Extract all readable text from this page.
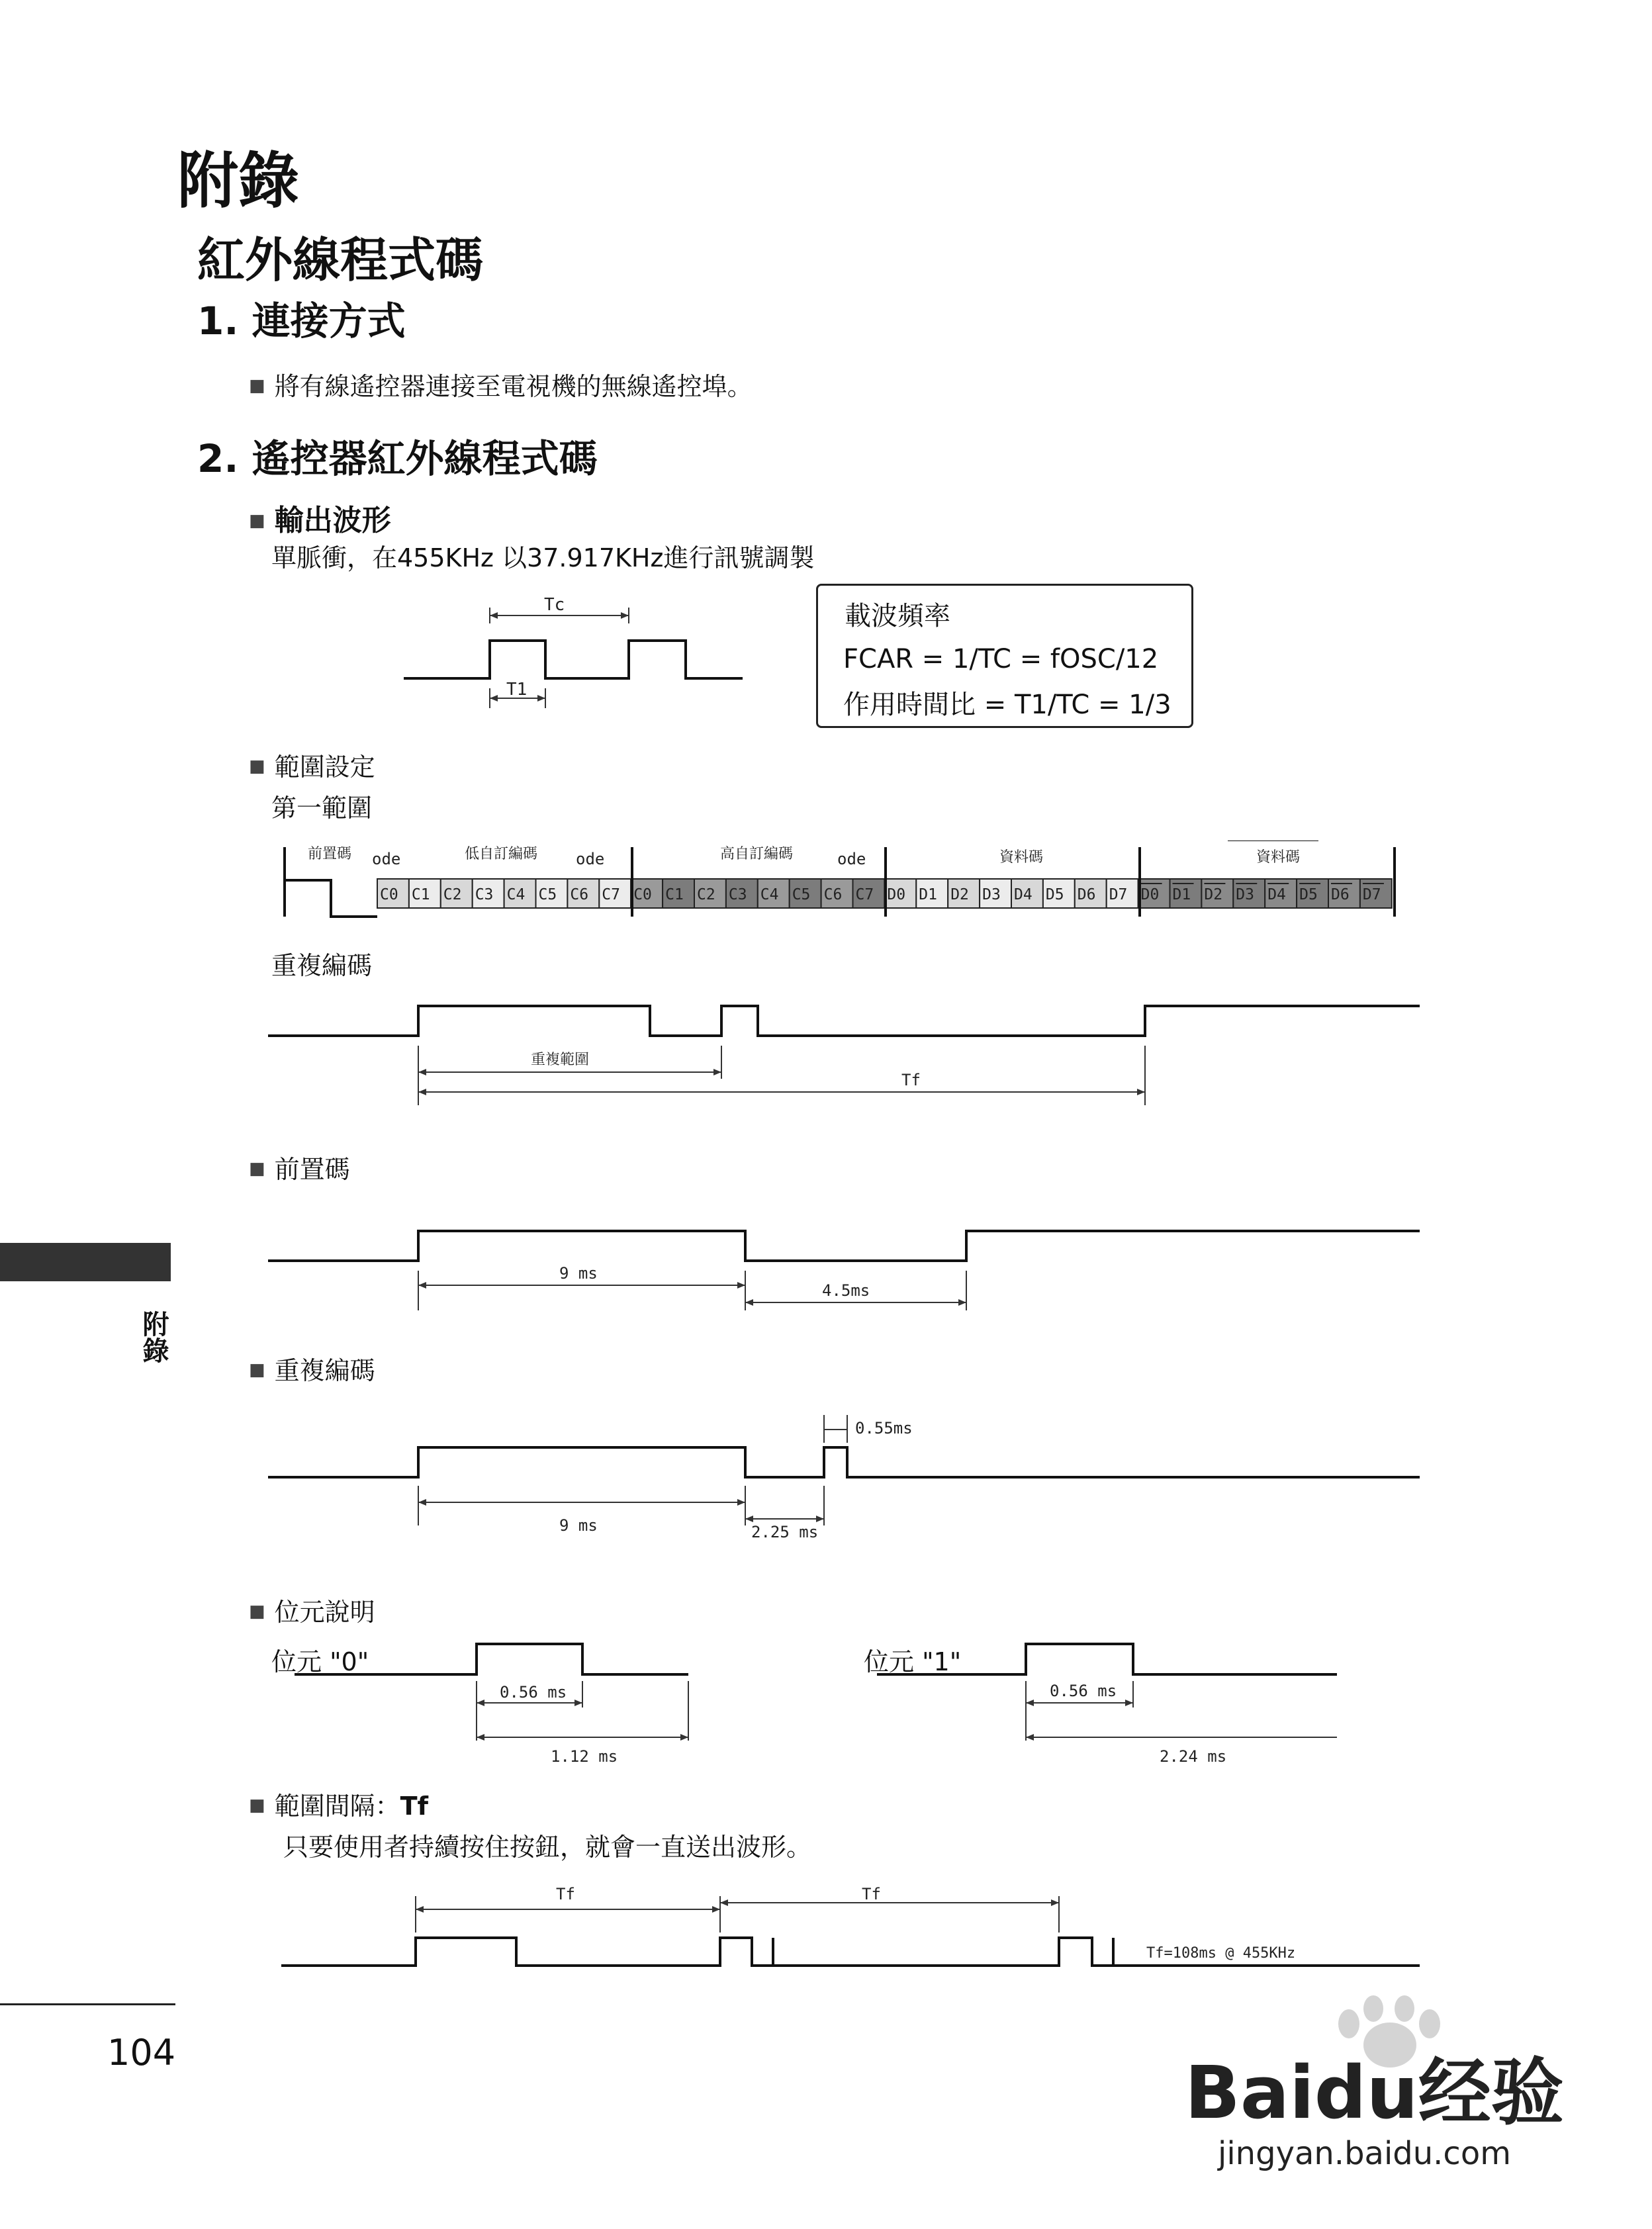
附錄
紅外線程式碼
1. 連接方式
■ 將有線遙控器連接至電視機的無線遙控埠。
2. 遙控器紅外線程式碼
■ 輸出波形
單脈衝，在455KHz 以37.917KHz進行訊號調製
Tc
T1
載波頻率
FCAR = 1/TC = fOSC/12
作用時間比 = T1/TC = 1/3
■ 範圍設定
第一範圍
C0 C1 C2 C3 C4 C5 C6 C7 C0 C1 C2 C3 C4 C5 C6 C7 D0 D1 D2 D3 D4 D5 D6 D7 D0 D1 D2 D3 D4 D5 D6 D7
前置碼 ode	低自訂編碼 ode	高自訂編碼	ode	資料碼	資料碼
重複編碼
重複範圍
Tf
■ 前置碼
9 ms
4.5ms
■ 重複編碼
0.55ms
9 ms	2.25 ms
■ 位元說明
位元 "0"	位元 "1"
0.56 ms
1.12 ms
0.56 ms
2.24 ms
■ 範圍間隔：Tf
只要使用者持續按住按鈕，就會一直送出波形。
Tf	Tf
Tf=108ms @ 455KHz
附錄
104	Baidu经验
jingyan.baidu.com
